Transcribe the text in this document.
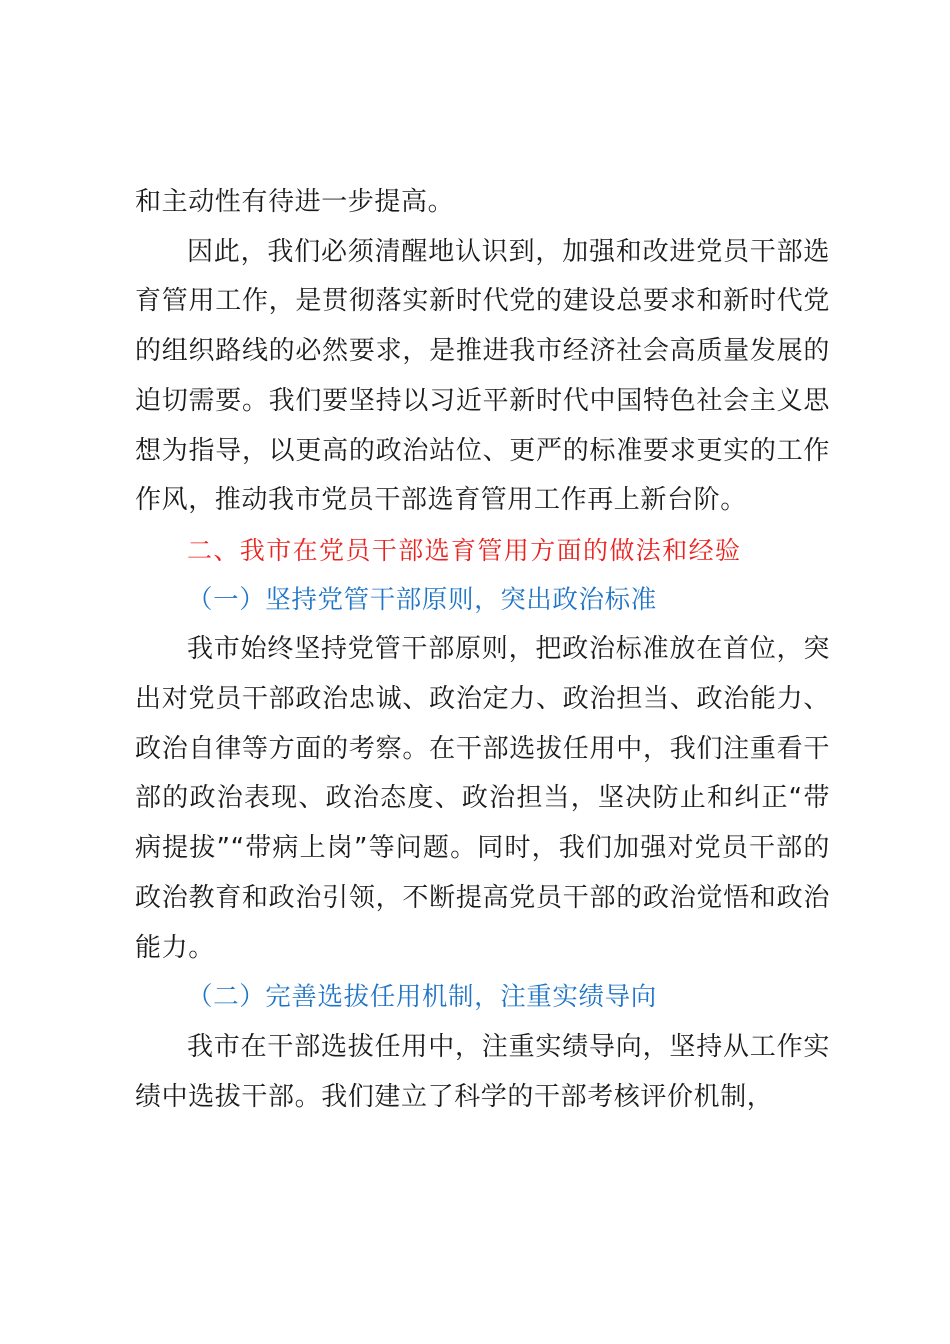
和主动性有待进一步提高。

因此，我们必须清醒地认识到，加强和改进党员干部选育管用工作，是贯彻落实新时代党的建设总要求和新时代党的组织路线的必然要求，是推进我市经济社会高质量发展的迫切需要。我们要坚持以习近平新时代中国特色社会主义思想为指导，以更高的政治站位、更严的标准要求更实的工作作风，推动我市党员干部选育管用工作再上新台阶。

二、我市在党员干部选育管用方面的做法和经验

（一）坚持党管干部原则，突出政治标准

我市始终坚持党管干部原则，把政治标准放在首位，突出对党员干部政治忠诚、政治定力、政治担当、政治能力、政治自律等方面的考察。在干部选拔任用中，我们注重看干部的政治表现、政治态度、政治担当，坚决防止和纠正“带病提拔”“带病上岗”等问题。同时，我们加强对党员干部的政治教育和政治引领，不断提高党员干部的政治觉悟和政治能力。

（二）完善选拔任用机制，注重实绩导向

我市在干部选拔任用中，注重实绩导向，坚持从工作实绩中选拔干部。我们建立了科学的干部考核评价机制，
